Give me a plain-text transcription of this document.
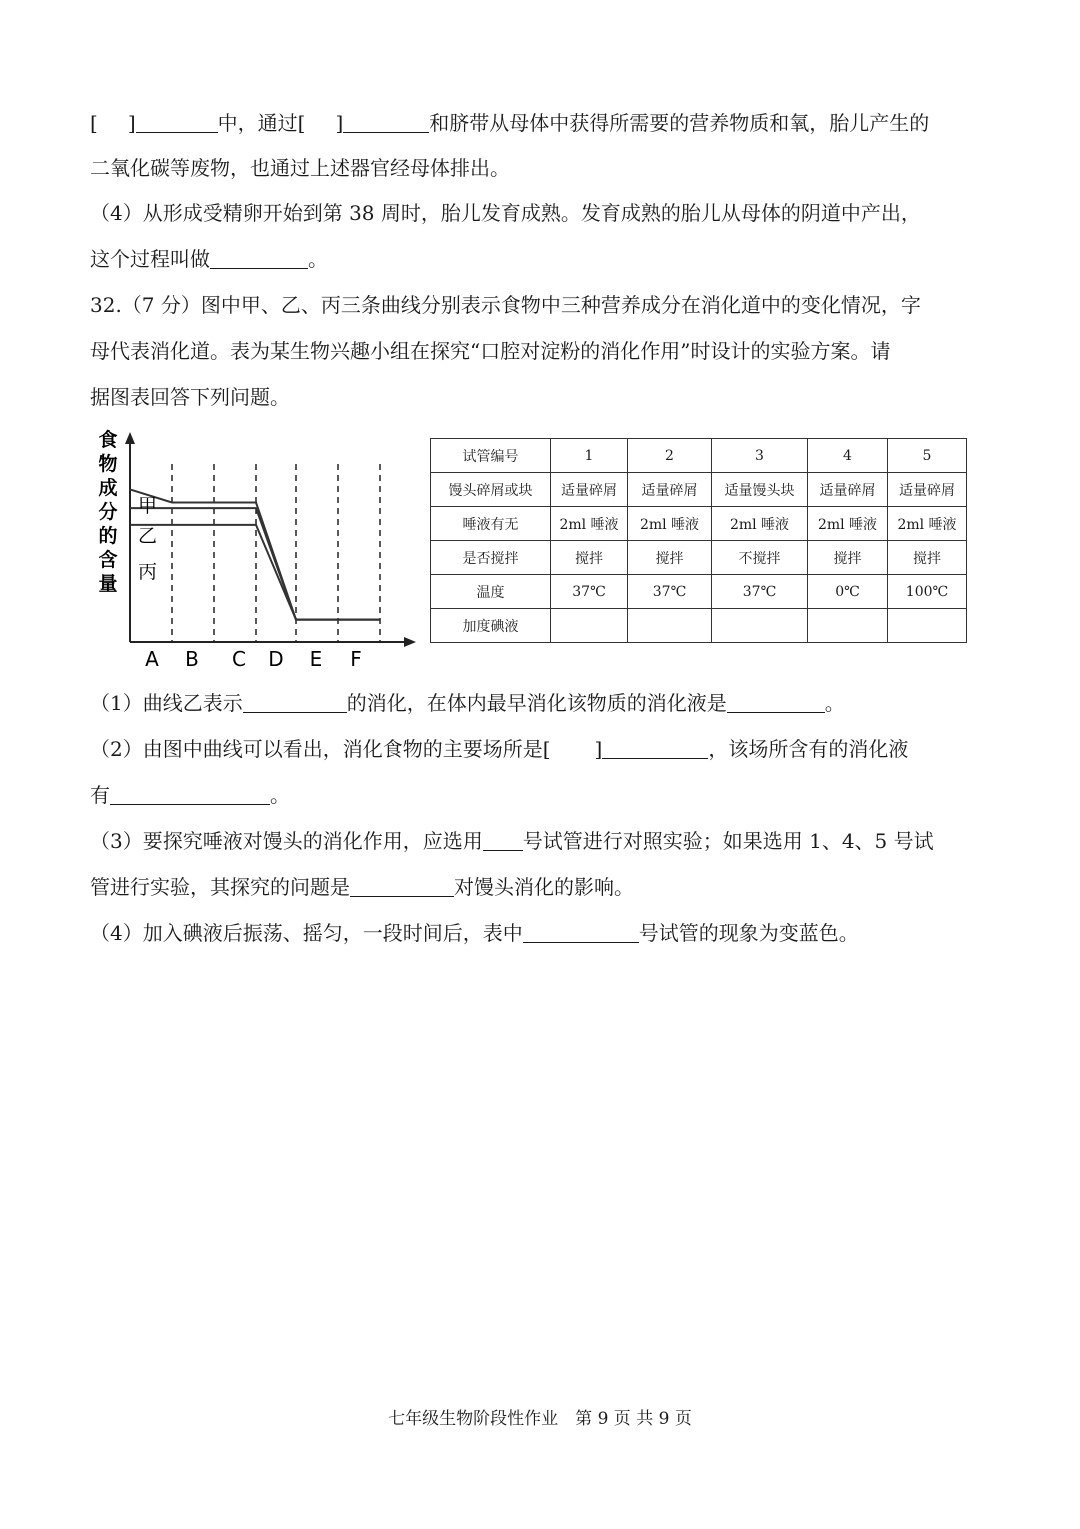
[ ]	中，通过[ ]	和脐带从母体中获得所需要的营养物质和氧，胎儿产生的
二氧化碳等废物，也通过上述器官经母体排出。
（4）从形成受精卵开始到第 38 周时，胎儿发育成熟。发育成熟的胎儿从母体的阴道中产出，
这个过程叫做	。
32.（7 分）图中甲、乙、丙三条曲线分别表示食物中三种营养成分在消化道中的变化情况，字
母代表消化道。表为某生物兴趣小组在探究“口腔对淀粉的消化作用”时设计的实验方案。请
据图表回答下列问题。
食
物
成
分
的
含
量
甲
乙
丙
A B C D E F
试管编号	1	2	3	4	5
馒头碎屑或块	适量碎屑	适量碎屑	适量馒头块	适量碎屑	适量碎屑
唾液有无	2ml 唾液	2ml 唾液	2ml 唾液	2ml 唾液	2ml 唾液
是否搅拌	搅拌	搅拌	不搅拌	搅拌	搅拌
温度	37℃	37℃	37℃	0℃	100℃
加度碘液					
（1）曲线乙表示	的消化，在体内最早消化该物质的消化液是	。
（2）由图中曲线可以看出，消化食物的主要场所是[ ]	，该场所含有的消化液
有	。
（3）要探究唾液对馒头的消化作用，应选用 号试管进行对照实验；如果选用 1、4、5 号试
管进行实验，其探究的问题是	对馒头消化的影响。
（4）加入碘液后振荡、摇匀，一段时间后，表中	号试管的现象为变蓝色。
七年级生物阶段性作业　第 9 页 共 9 页
